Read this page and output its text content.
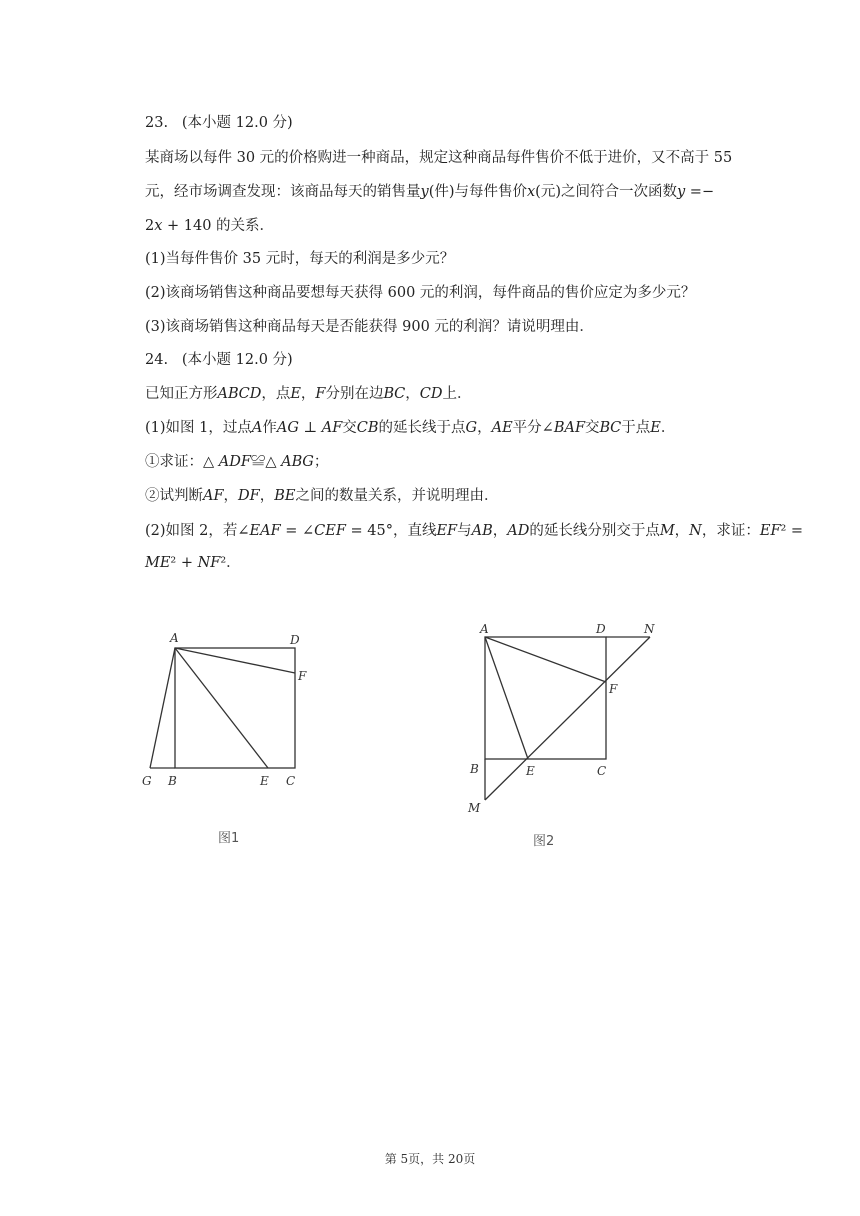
23.   (本小题 12.0 分)
某商场以每件 30 元的价格购进一种商品，规定这种商品每件售价不低于进价，又不高于 55
元，经市场调查发现：该商品每天的销售量𝑦(件)与每件售价𝑥(元)之间符合一次函数𝑦 =−
2𝑥 + 140 的关系．
(1)当每件售价 35 元时，每天的利润是多少元？
(2)该商场销售这种商品要想每天获得 600 元的利润，每件商品的售价应定为多少元？
(3)该商场销售这种商品每天是否能获得 900 元的利润？请说明理由．
24.   (本小题 12.0 分)
已知正方形𝐴𝐵𝐶𝐷，点𝐸，𝐹分别在边𝐵𝐶，𝐶𝐷上．
(1)如图 1，过点𝐴作𝐴𝐺 ⊥ 𝐴𝐹交𝐶𝐵的延长线于点𝐺，𝐴𝐸平分∠𝐵𝐴𝐹交𝐵𝐶于点𝐸．
①求证：△ 𝐴𝐷𝐹≌△ 𝐴𝐵𝐺；
②试判断𝐴𝐹，𝐷𝐹，𝐵𝐸之间的数量关系，并说明理由．
(2)如图 2，若∠𝐸𝐴𝐹 = ∠𝐶𝐸𝐹 = 45°，直线𝐸𝐹与𝐴𝐵，𝐴𝐷的延长线分别交于点𝑀，𝑁，求证：𝐸𝐹² =
𝑀𝐸² + 𝑁𝐹²．
A	D
F
G B	E C
图1
A	D	N
F
B	E	C
M
图2
第 5页，共 20页
